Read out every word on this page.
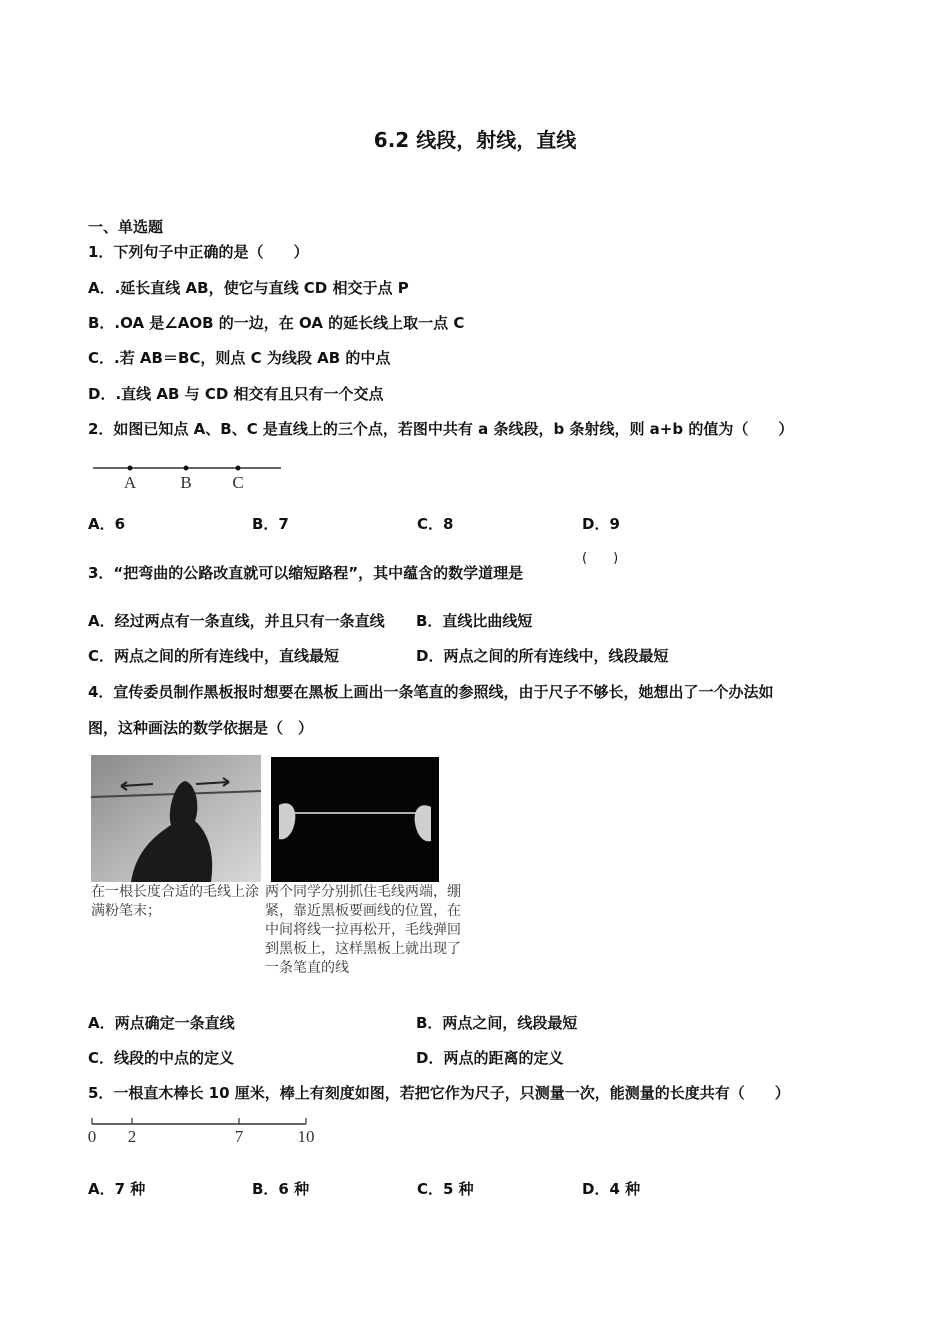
6.2 线段，射线，直线
一、单选题
1．下列句子中正确的是（　　）
A．.延长直线 AB，使它与直线 CD 相交于点 P
B．.OA 是∠AOB 的一边，在 OA 的延长线上取一点 C
C．.若 AB＝BC，则点 C 为线段 AB 的中点
D．.直线 AB 与 CD 相交有且只有一个交点
2．如图已知点 A、B、C 是直线上的三个点，若图中共有 a 条线段，b 条射线，则 a+b 的值为（　　）
A	B C
A．6	B．7	C．8	D．9
3．“把弯曲的公路改直就可以缩短路程”，其中蕴含的数学道理是
(　　)
A．经过两点有一条直线，并且只有一条直线 B．直线比曲线短
C．两点之间的所有连线中，直线最短	D．两点之间的所有连线中，线段最短
4．宣传委员制作黑板报时想要在黑板上画出一条笔直的参照线，由于尺子不够长，她想出了一个办法如
图，这种画法的数学依据是（　）
在一根长度合适的毛线上涂满粉笔末；
两个同学分别抓住毛线两端，绷紧，靠近黑板要画线的位置，在中间将线一拉再松开，毛线弹回到黑板上，这样黑板上就出现了一条笔直的线
A．两点确定一条直线	B．两点之间，线段最短
C．线段的中点的定义	D．两点的距离的定义
5．一根直木棒长 10 厘米，棒上有刻度如图，若把它作为尺子，只测量一次，能测量的长度共有（　　）
0 2	7	10
A．7 种	B．6 种	C．5 种	D．4 种
